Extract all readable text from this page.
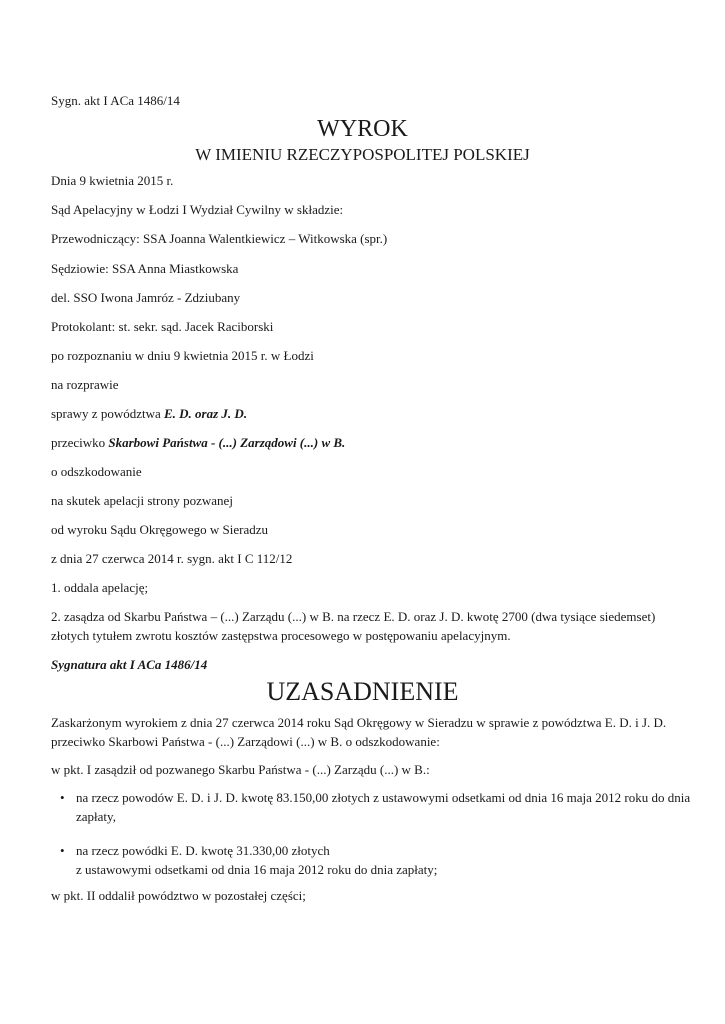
Sygn. akt I ACa 1486/14

WYROK
W IMIENIU RZECZYPOSPOLITEJ POLSKIEJ

Dnia 9 kwietnia 2015 r.

Sąd Apelacyjny w Łodzi I Wydział Cywilny w składzie:

Przewodniczący: SSA Joanna Walentkiewicz – Witkowska (spr.)

Sędziowie: SSA Anna Miastkowska

del. SSO Iwona Jamróz - Zdziubany

Protokolant: st. sekr. sąd. Jacek Raciborski

po rozpoznaniu w dniu 9 kwietnia 2015 r. w Łodzi

na rozprawie

sprawy z powództwa E. D. oraz J. D.

przeciwko Skarbowi Państwa - (...) Zarządowi (...) w B.

o odszkodowanie

na skutek apelacji strony pozwanej

od wyroku Sądu Okręgowego w Sieradzu

z dnia 27 czerwca 2014 r. sygn. akt I C 112/12

1. oddala apelację;

2. zasądza od Skarbu Państwa – (...) Zarządu (...) w B. na rzecz E. D. oraz J. D. kwotę 2700 (dwa tysiące siedemset) złotych tytułem zwrotu kosztów zastępstwa procesowego w postępowaniu apelacyjnym.

Sygnatura akt I ACa 1486/14

UZASADNIENIE

Zaskarżonym wyrokiem z dnia 27 czerwca 2014 roku Sąd Okręgowy w Sieradzu w sprawie z powództwa E. D. i J. D. przeciwko Skarbowi Państwa - (...) Zarządowi (...) w B. o odszkodowanie:

w pkt. I zasądził od pozwanego Skarbu Państwa - (...) Zarządu (...) w B.:

• na rzecz powodów E. D. i J. D. kwotę 83.150,00 złotych z ustawowymi odsetkami od dnia 16 maja 2012 roku do dnia zapłaty,
• na rzecz powódki E. D. kwotę 31.330,00 złotych
z ustawowymi odsetkami od dnia 16 maja 2012 roku do dnia zapłaty;

w pkt. II oddalił powództwo w pozostałej części;
